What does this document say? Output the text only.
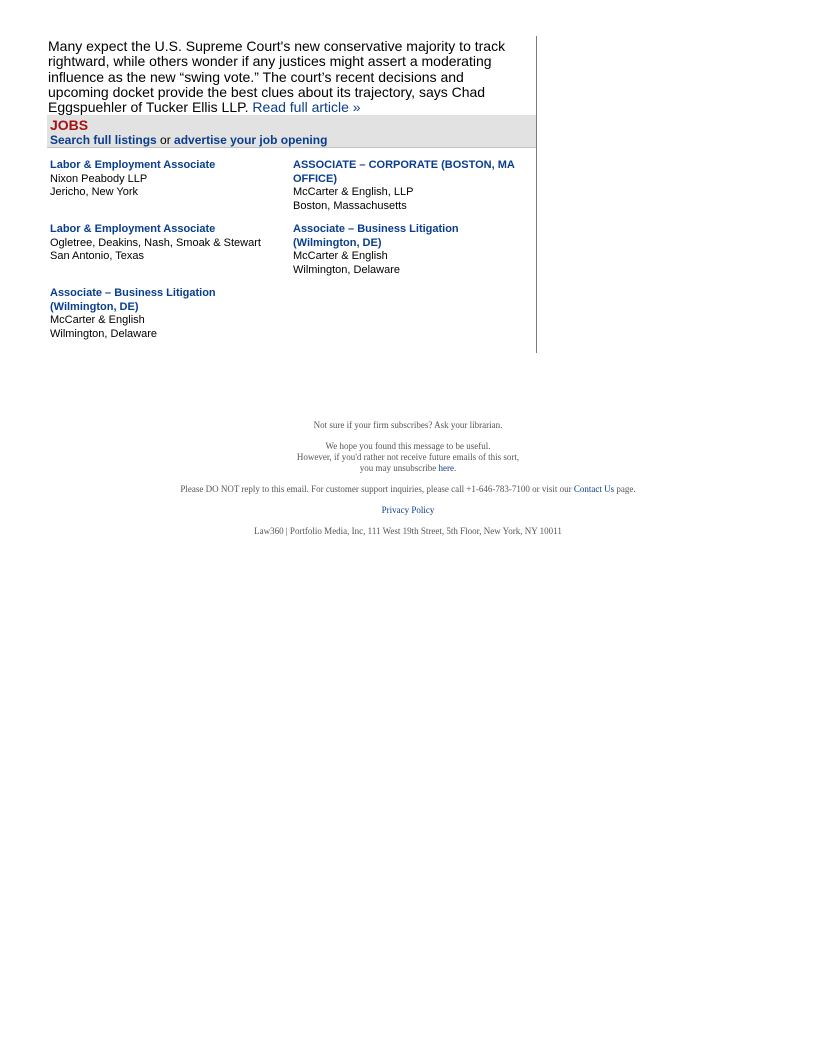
Many expect the U.S. Supreme Court's new conservative majority to track rightward, while others wonder if any justices might assert a moderating influence as the new “swing vote.” The court’s recent decisions and upcoming docket provide the best clues about its trajectory, says Chad Eggspuehler of Tucker Ellis LLP. Read full article »

JOBS

Search full listings or advertise your job opening

Labor & Employment Associate
Nixon Peabody LLP
Jericho, New York
ASSOCIATE – CORPORATE (BOSTON, MA OFFICE)
McCarter & English, LLP
Boston, Massachusetts
Labor & Employment Associate
Ogletree, Deakins, Nash, Smoak & Stewart
San Antonio, Texas
Associate – Business Litigation (Wilmington, DE)
McCarter & English
Wilmington, Delaware
Associate – Business Litigation (Wilmington, DE)
McCarter & English
Wilmington, Delaware

Not sure if your firm subscribes? Ask your librarian.

We hope you found this message to be useful.
However, if you'd rather not receive future emails of this sort,
you may unsubscribe here.

Please DO NOT reply to this email. For customer support inquiries, please call +1-646-783-7100 or visit our Contact Us page.

Privacy Policy

Law360 | Portfolio Media, Inc, 111 West 19th Street, 5th Floor, New York, NY 10011
